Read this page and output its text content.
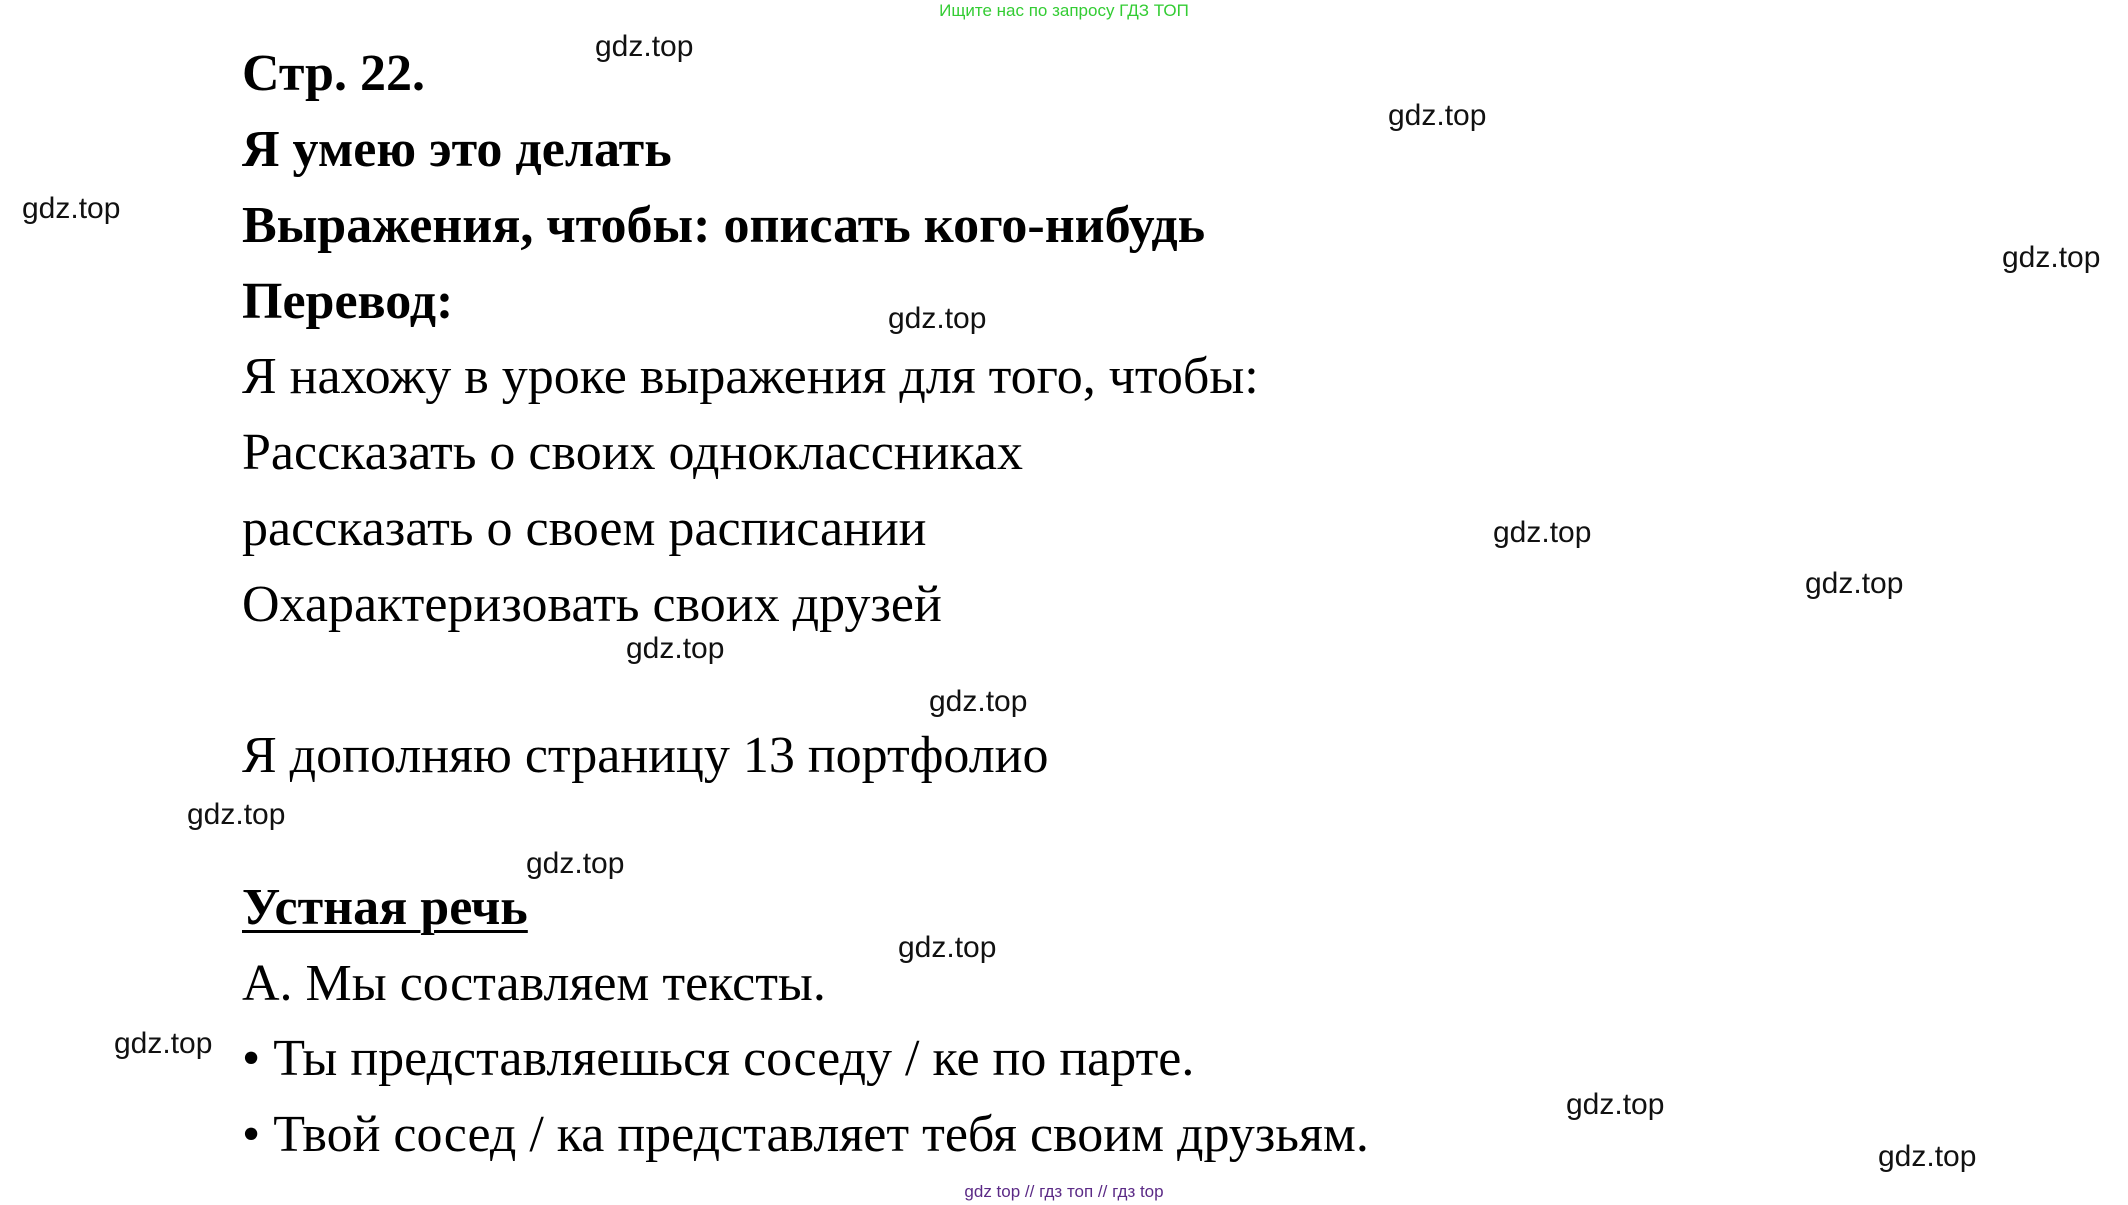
Ищите нас по запросу ГДЗ ТОП
Стр. 22.
Я умею это делать
Выражения, чтобы: описать кого-нибудь
Перевод:
Я нахожу в уроке выражения для того, чтобы:
Рассказать о своих одноклассниках
рассказать о своем расписании
Охарактеризовать своих друзей
Я дополняю страницу 13 портфолио
Устная речь
А. Мы составляем тексты.
• Ты представляешься соседу / ке по парте.
• Твой сосед / ка представляет тебя своим друзьям.
gdz.top
gdz.top
gdz.top
gdz.top
gdz.top
gdz.top
gdz.top
gdz.top
gdz.top
gdz.top
gdz.top
gdz.top
gdz.top
gdz.top
gdz.top
gdz top // гдз топ // гдз top
